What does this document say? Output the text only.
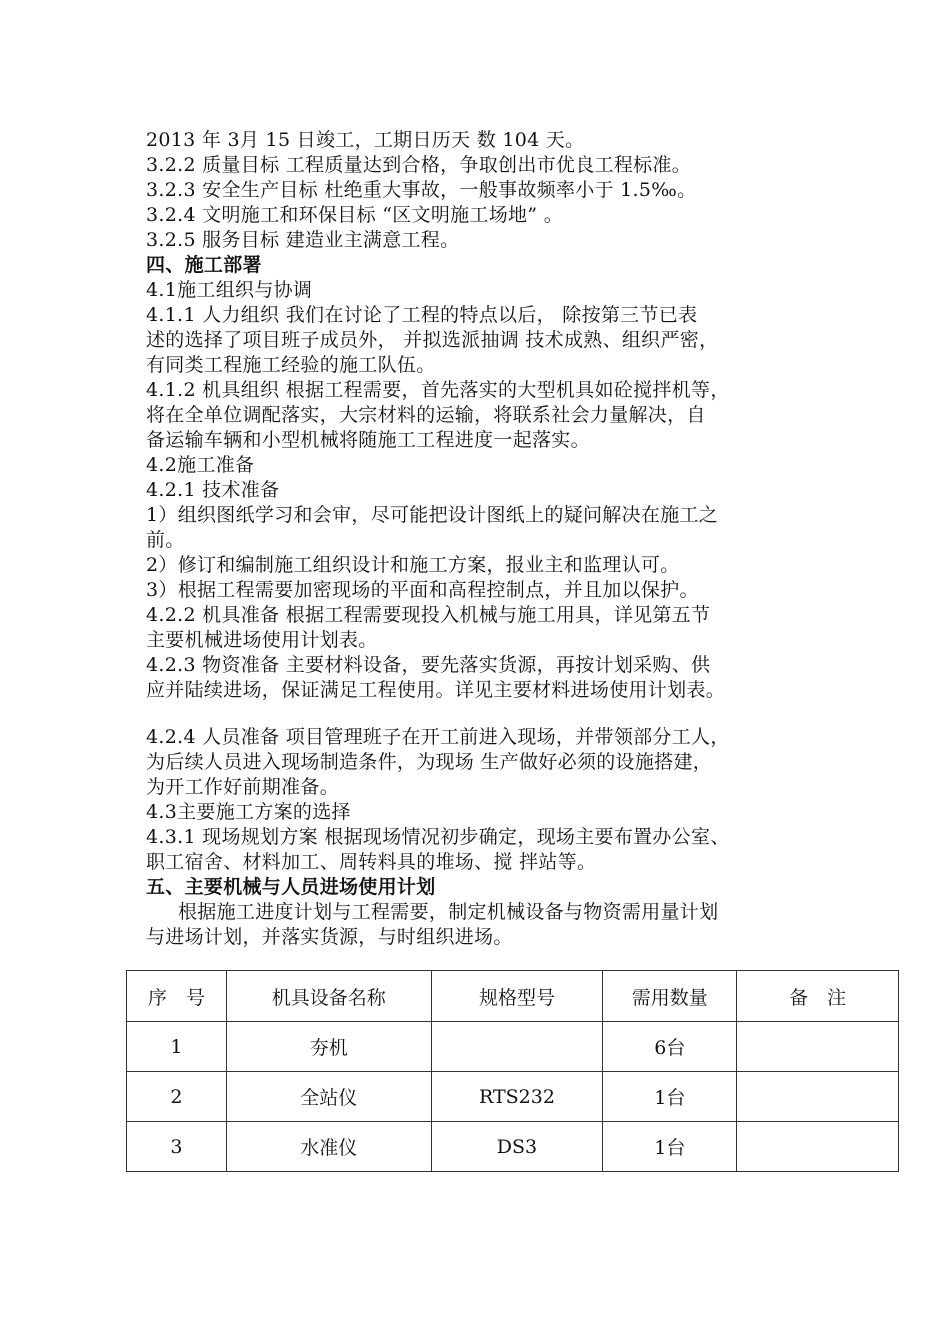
2013 年 3月 15 日竣工，工期日历天 数 104 天。
3.2.2 质量目标 工程质量达到合格，争取创出市优良工程标准。
3.2.3 安全生产目标 杜绝重大事故，一般事故频率小于 1.5‰。
3.2.4 文明施工和环保目标 “区文明施工场地” 。
3.2.5 服务目标 建造业主满意工程。
四、施工部署
4.1施工组织与协调
4.1.1 人力组织 我们在讨论了工程的特点以后， 除按第三节已表
述的选择了项目班子成员外， 并拟选派抽调 技术成熟、组织严密，
有同类工程施工经验的施工队伍。
4.1.2 机具组织 根据工程需要，首先落实的大型机具如砼搅拌机等，
将在全单位调配落实，大宗材料的运输，将联系社会力量解决，自
备运输车辆和小型机械将随施工工程进度一起落实。
4.2施工准备
4.2.1 技术准备
1）组织图纸学习和会审，尽可能把设计图纸上的疑问解决在施工之
前。
2）修订和编制施工组织设计和施工方案，报业主和监理认可。
3）根据工程需要加密现场的平面和高程控制点，并且加以保护。
4.2.2 机具准备 根据工程需要现投入机械与施工用具，详见第五节
主要机械进场使用计划表。
4.2.3 物资准备 主要材料设备，要先落实货源，再按计划采购、供
应并陆续进场，保证满足工程使用。详见主要材料进场使用计划表。
4.2.4 人员准备 项目管理班子在开工前进入现场，并带领部分工人，
为后续人员进入现场制造条件，为现场 生产做好必须的设施搭建，
为开工作好前期准备。
4.3主要施工方案的选择
4.3.1 现场规划方案 根据现场情况初步确定，现场主要布置办公室、
职工宿舍、材料加工、周转料具的堆场、搅 拌站等。
五、主要机械与人员进场使用计划
根据施工进度计划与工程需要，制定机械设备与物资需用量计划
与进场计划，并落实货源，与时组织进场。
序　号	机具设备名称	规格型号	需用数量	备　注
1	夯机		6台	
2	全站仪	RTS232	1台	
3	水准仪	DS3	1台	
